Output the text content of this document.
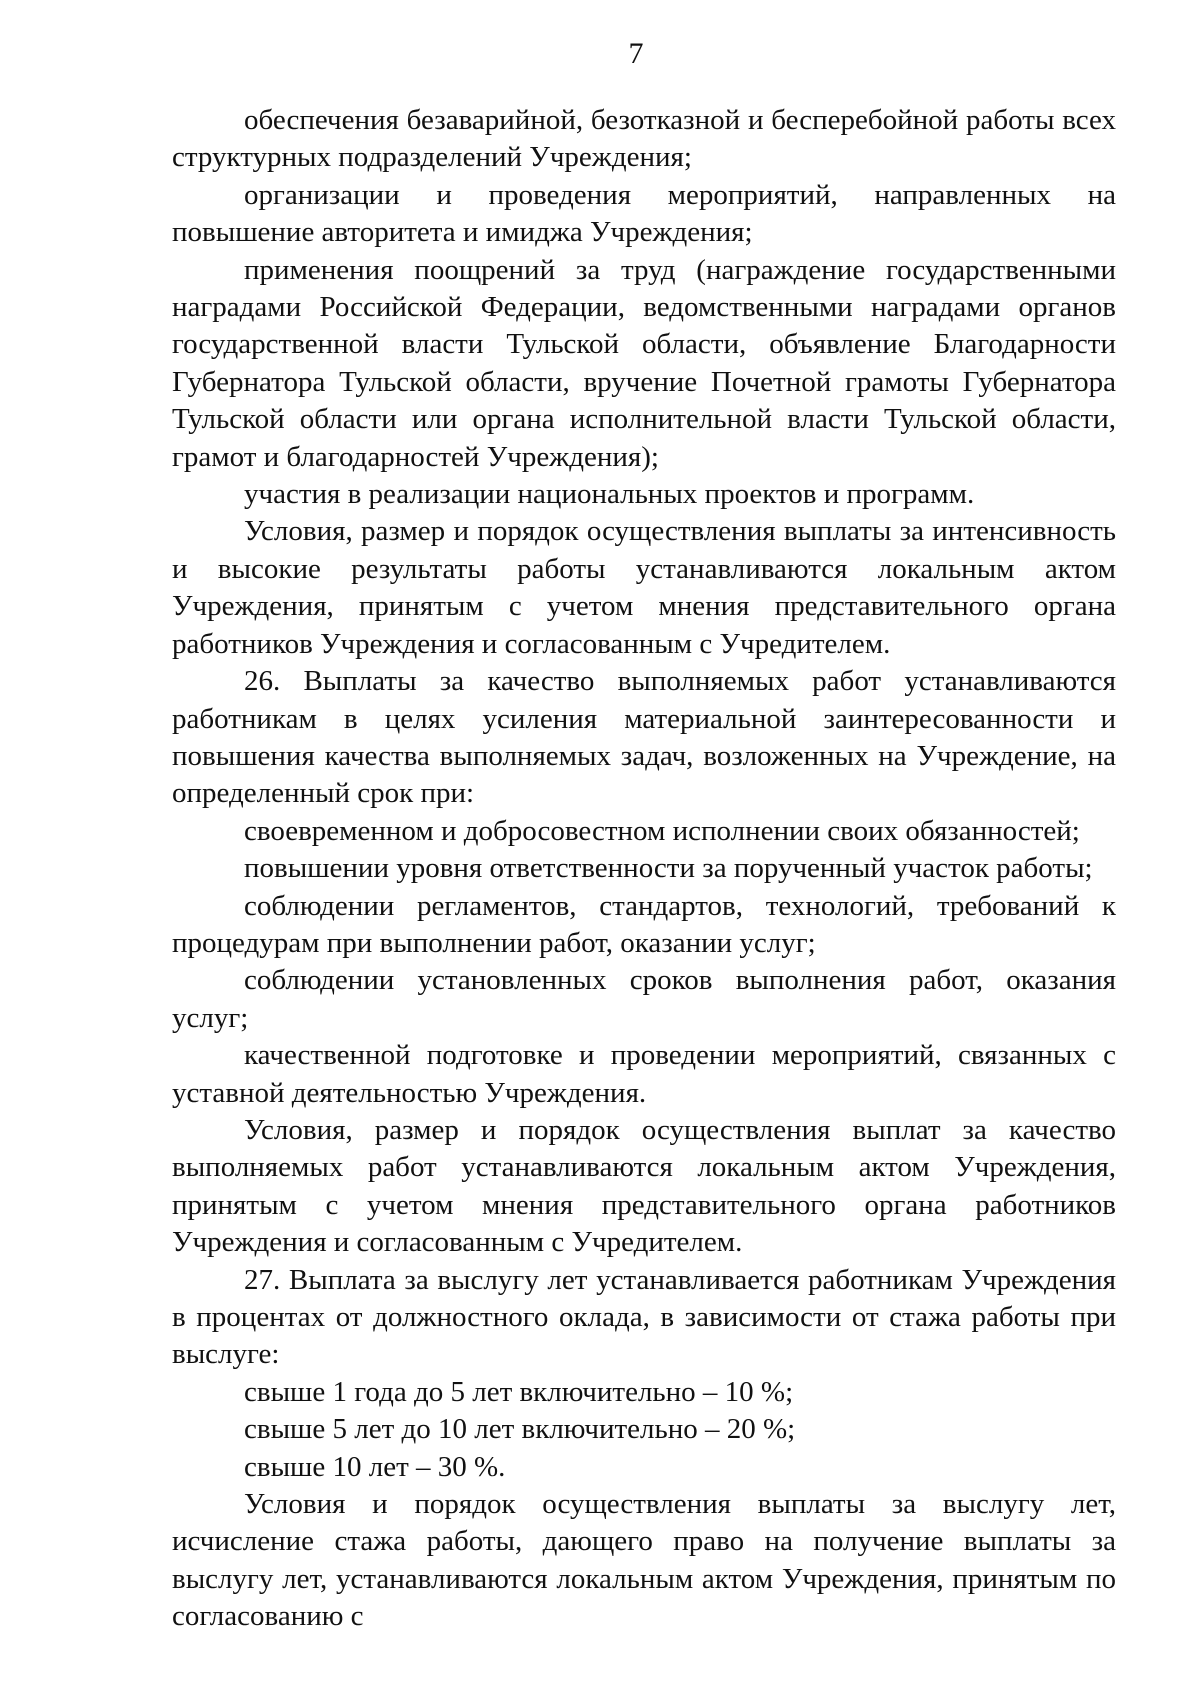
7

обеспечения безаварийной, безотказной и бесперебойной работы всех структурных подразделений Учреждения;

организации и проведения мероприятий, направленных на повышение авторитета и имиджа Учреждения;

применения поощрений за труд (награждение государственными наградами Российской Федерации, ведомственными наградами органов государственной власти Тульской области, объявление Благодарности Губернатора Тульской области, вручение Почетной грамоты Губернатора Тульской области или органа исполнительной власти Тульской области, грамот и благодарностей Учреждения);

участия в реализации национальных проектов и программ.

Условия, размер и порядок осуществления выплаты за интенсивность и высокие результаты работы устанавливаются локальным актом Учреждения, принятым с учетом мнения представительного органа работников Учреждения и согласованным с Учредителем.

26. Выплаты за качество выполняемых работ устанавливаются работникам в целях усиления материальной заинтересованности и повышения качества выполняемых задач, возложенных на Учреждение, на определенный срок при:

своевременном и добросовестном исполнении своих обязанностей;

повышении уровня ответственности за порученный участок работы;

соблюдении регламентов, стандартов, технологий, требований к процедурам при выполнении работ, оказании услуг;

соблюдении установленных сроков выполнения работ, оказания услуг;

качественной подготовке и проведении мероприятий, связанных с уставной деятельностью Учреждения.

Условия, размер и порядок осуществления выплат за качество выполняемых работ устанавливаются локальным актом Учреждения, принятым с учетом мнения представительного органа работников Учреждения и согласованным с Учредителем.

27. Выплата за выслугу лет устанавливается работникам Учреждения в процентах от должностного оклада, в зависимости от стажа работы при выслуге:

свыше 1 года до 5 лет включительно – 10 %;

свыше 5 лет до 10 лет включительно – 20 %;

свыше 10 лет – 30 %.

Условия и порядок осуществления выплаты за выслугу лет, исчисление стажа работы, дающего право на получение выплаты за выслугу лет, устанавливаются локальным актом Учреждения, принятым по согласованию с
